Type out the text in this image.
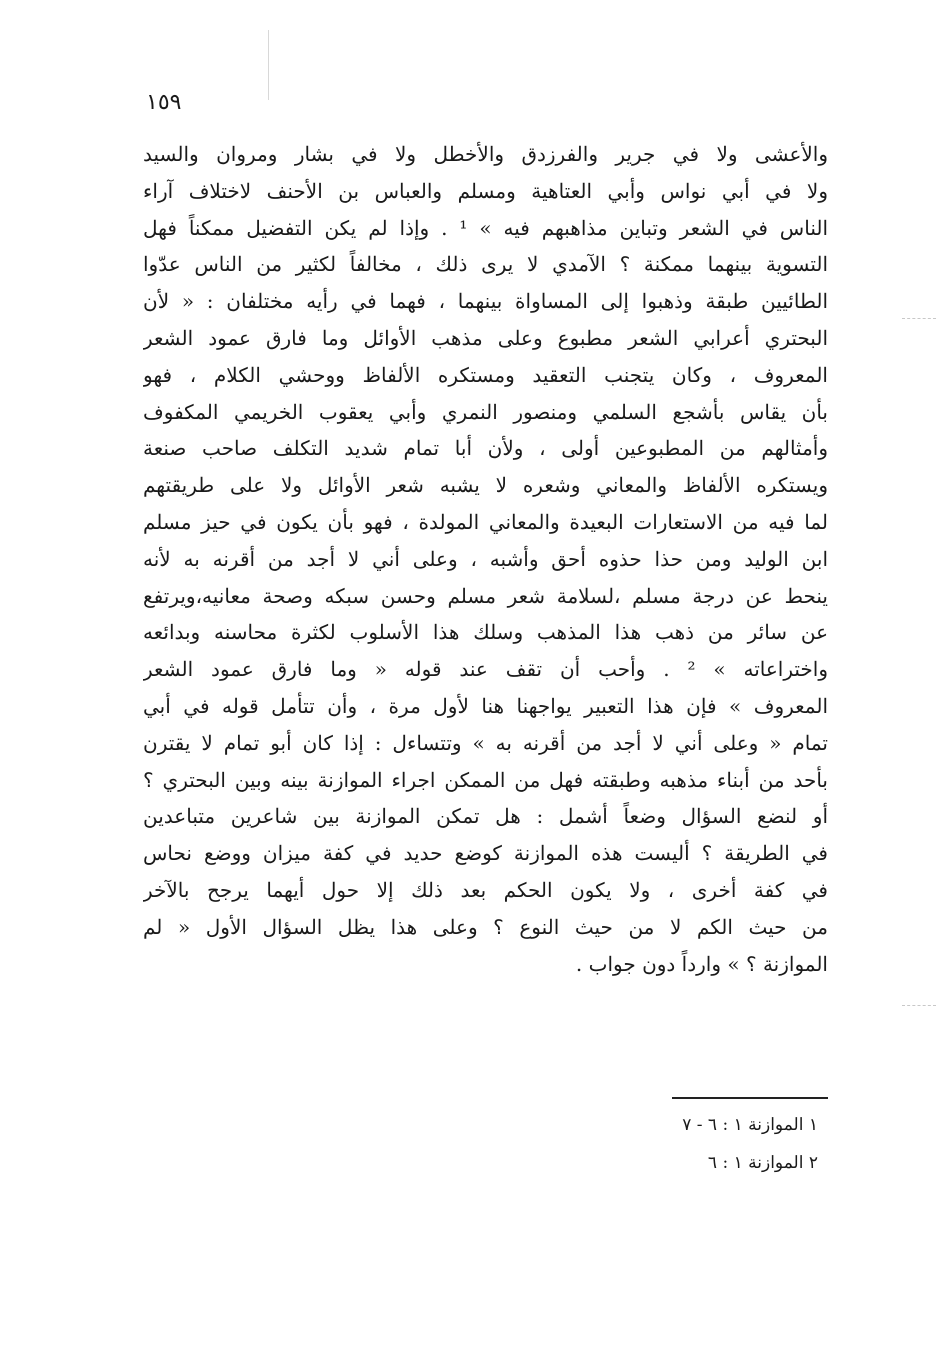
١٥٩
والأعشى ولا في جرير والفرزدق والأخطل ولا في بشار ومروان والسيد
ولا في أبي نواس وأبي العتاهية ومسلم والعباس بن الأحنف لاختلاف آراء
الناس في الشعر وتباين مذاهبهم فيه » ¹ . وإذا لم يكن التفضيل ممكناً فهل
التسوية بينهما ممكنة ؟ الآمدي لا يرى ذلك ، مخالفاً لكثير من الناس عدّوا
الطائيين طبقة وذهبوا إلى المساواة بينهما ، فهما في رأيه مختلفان : « لأن
البحتري أعرابي الشعر مطبوع وعلى مذهب الأوائل وما فارق عمود الشعر
المعروف ، وكان يتجنب التعقيد ومستكره الألفاظ ووحشي الكلام ، فهو
بأن يقاس بأشجع السلمي ومنصور النمري وأبي يعقوب الخريمي المكفوف
وأمثالهم من المطبوعين أولى ، ولأن أبا تمام شديد التكلف صاحب صنعة
ويستكره الألفاظ والمعاني وشعره لا يشبه شعر الأوائل ولا على طريقتهم
لما فيه من الاستعارات البعيدة والمعاني المولدة ، فهو بأن يكون في حيز مسلم
ابن الوليد ومن حذا حذوه أحق وأشبه ، وعلى أني لا أجد من أقرنه به لأنه
ينحط عن درجة مسلم ،لسلامة شعر مسلم وحسن سبكه وصحة معانيه،ويرتفع
عن سائر من ذهب هذا المذهب وسلك هذا الأسلوب لكثرة محاسنه وبدائعه
واختراعاته » ² . وأحب أن تقف عند قوله « وما فارق عمود الشعر
المعروف » فإن هذا التعبير يواجهنا هنا لأول مرة ، وأن تتأمل قوله في أبي
تمام « وعلى أني لا أجد من أقرنه به » وتتساءل : إذا كان أبو تمام لا يقترن
بأحد من أبناء مذهبه وطبقته فهل من الممكن اجراء الموازنة بينه وبين البحتري ؟
أو لنضع السؤال وضعاً أشمل : هل تمكن الموازنة بين شاعرين متباعدين
في الطريقة ؟ أليست هذه الموازنة كوضع حديد في كفة ميزان ووضع نحاس
في كفة أخرى ، ولا يكون الحكم بعد ذلك إلا حول أيهما يرجح بالآخر
من حيث الكم لا من حيث النوع ؟ وعلى هذا يظل السؤال الأول « لم
الموازنة ؟ » وارداً دون جواب .
١ الموازنة ١ : ٦ - ٧
٢ الموازنة ١ : ٦
